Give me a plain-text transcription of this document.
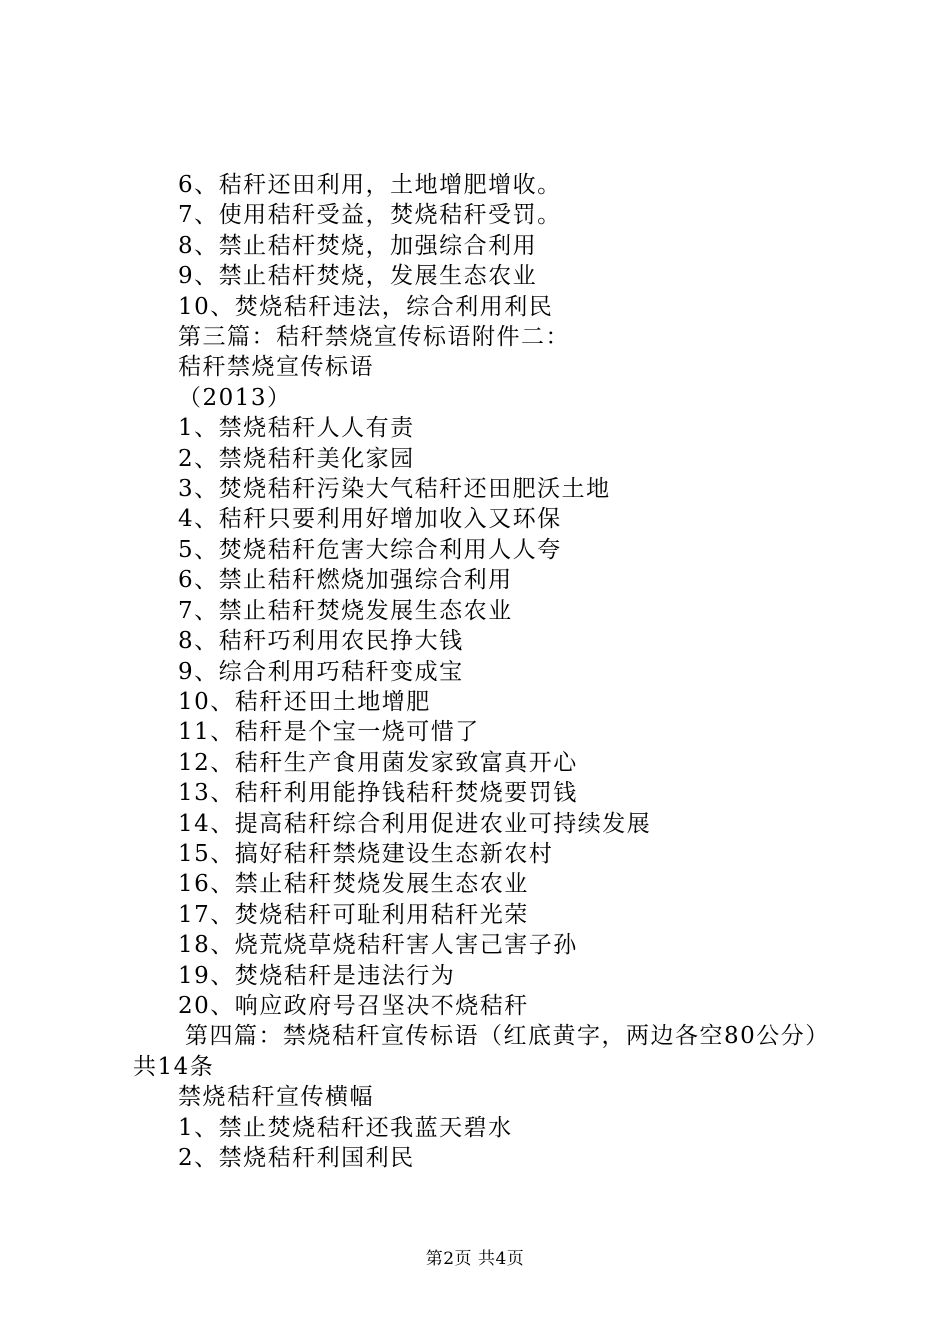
6、秸秆还田利用，土地增肥增收。
7、使用秸秆受益，焚烧秸秆受罚。
8、禁止秸杆焚烧，加强综合利用
9、禁止秸杆焚烧，发展生态农业
10、焚烧秸秆违法，综合利用利民
第三篇：秸秆禁烧宣传标语附件二：
秸秆禁烧宣传标语
（2013）
1、禁烧秸秆人人有责
2、禁烧秸秆美化家园
3、焚烧秸秆污染大气秸秆还田肥沃土地
4、秸秆只要利用好增加收入又环保
5、焚烧秸秆危害大综合利用人人夸
6、禁止秸秆燃烧加强综合利用
7、禁止秸秆焚烧发展生态农业
8、秸秆巧利用农民挣大钱
9、综合利用巧秸秆变成宝
10、秸秆还田土地增肥
11、秸秆是个宝一烧可惜了
12、秸秆生产食用菌发家致富真开心
13、秸秆利用能挣钱秸秆焚烧要罚钱
14、提高秸秆综合利用促进农业可持续发展
15、搞好秸秆禁烧建设生态新农村
16、禁止秸秆焚烧发展生态农业
17、焚烧秸秆可耻利用秸秆光荣
18、烧荒烧草烧秸秆害人害己害子孙
19、焚烧秸秆是违法行为
20、响应政府号召坚决不烧秸秆
第四篇：禁烧秸秆宣传标语（红底黄字，两边各空80公分）共14条
禁烧秸秆宣传横幅
1、禁止焚烧秸秆还我蓝天碧水
2、禁烧秸秆利国利民
第2页 共4页
